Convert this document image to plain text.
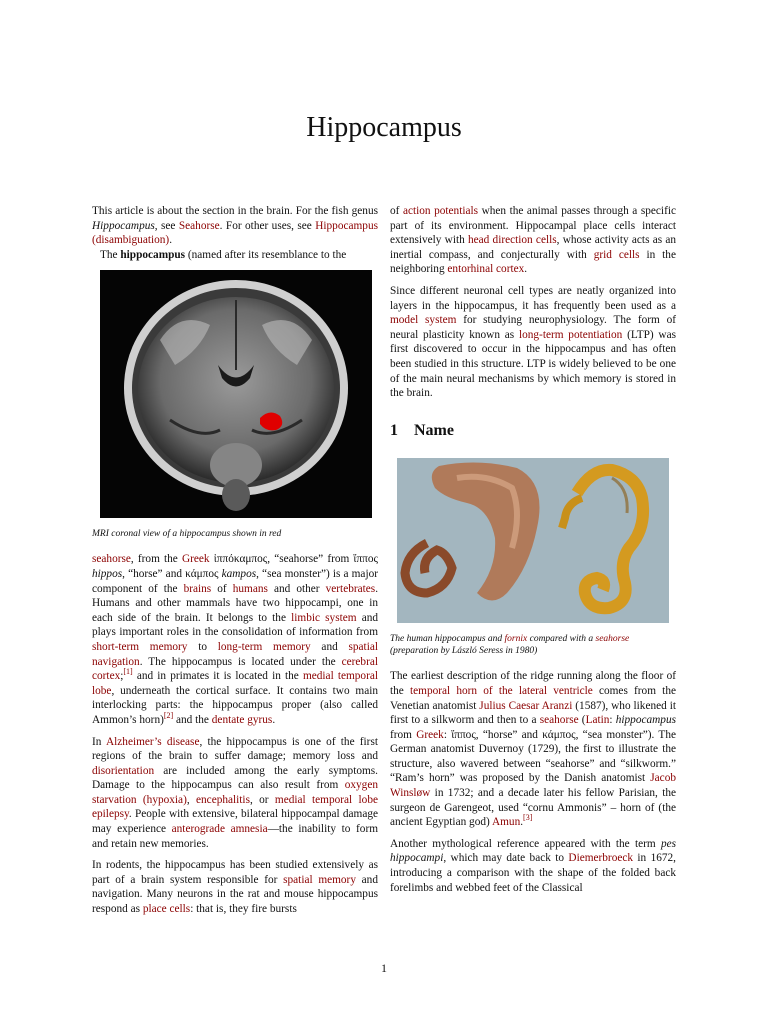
Hippocampus

This article is about the section in the brain. For the fish genus Hippocampus, see Seahorse. For other uses, see Hippocampus (disambiguation).
The hippocampus (named after its resemblance to the

MRI coronal view of a hippocampus shown in red

seahorse, from the Greek ἱππόκαμπος, “seahorse” from ἵππος hippos, “horse” and κάμπος kampos, “sea monster”) is a major component of the brains of humans and other vertebrates. Humans and other mammals have two hippocampi, one in each side of the brain. It belongs to the limbic system and plays important roles in the consolidation of information from short-term memory to long-term memory and spatial navigation. The hippocampus is located under the cerebral cortex;[1] and in primates it is located in the medial temporal lobe, underneath the cortical surface. It contains two main interlocking parts: the hippocampus proper (also called Ammon’s horn)[2] and the dentate gyrus.

In Alzheimer’s disease, the hippocampus is one of the first regions of the brain to suffer damage; memory loss and disorientation are included among the early symptoms. Damage to the hippocampus can also result from oxygen starvation (hypoxia), encephalitis, or medial temporal lobe epilepsy. People with extensive, bilateral hippocampal damage may experience anterograde amnesia—the inability to form and retain new memories.

In rodents, the hippocampus has been studied extensively as part of a brain system responsible for spatial memory and navigation. Many neurons in the rat and mouse hippocampus respond as place cells: that is, they fire bursts

of action potentials when the animal passes through a specific part of its environment. Hippocampal place cells interact extensively with head direction cells, whose activity acts as an inertial compass, and conjecturally with grid cells in the neighboring entorhinal cortex.

Since different neuronal cell types are neatly organized into layers in the hippocampus, it has frequently been used as a model system for studying neurophysiology. The form of neural plasticity known as long-term potentiation (LTP) was first discovered to occur in the hippocampus and has often been studied in this structure. LTP is widely believed to be one of the main neural mechanisms by which memory is stored in the brain.

1 Name
The human hippocampus and fornix compared with a seahorse (preparation by László Seress in 1980)

The earliest description of the ridge running along the floor of the temporal horn of the lateral ventricle comes from the Venetian anatomist Julius Caesar Aranzi (1587), who likened it first to a silkworm and then to a seahorse (Latin: hippocampus from Greek: ἵππος, “horse” and κάμπος, “sea monster”). The German anatomist Duvernoy (1729), the first to illustrate the structure, also wavered between “seahorse” and “silkworm.” “Ram’s horn” was proposed by the Danish anatomist Jacob Winsløw in 1732; and a decade later his fellow Parisian, the surgeon de Garengeot, used “cornu Ammonis” – horn of (the ancient Egyptian god) Amun.[3]

Another mythological reference appeared with the term pes hippocampi, which may date back to Diemerbroeck in 1672, introducing a comparison with the shape of the folded back forelimbs and webbed feet of the Classical

1
